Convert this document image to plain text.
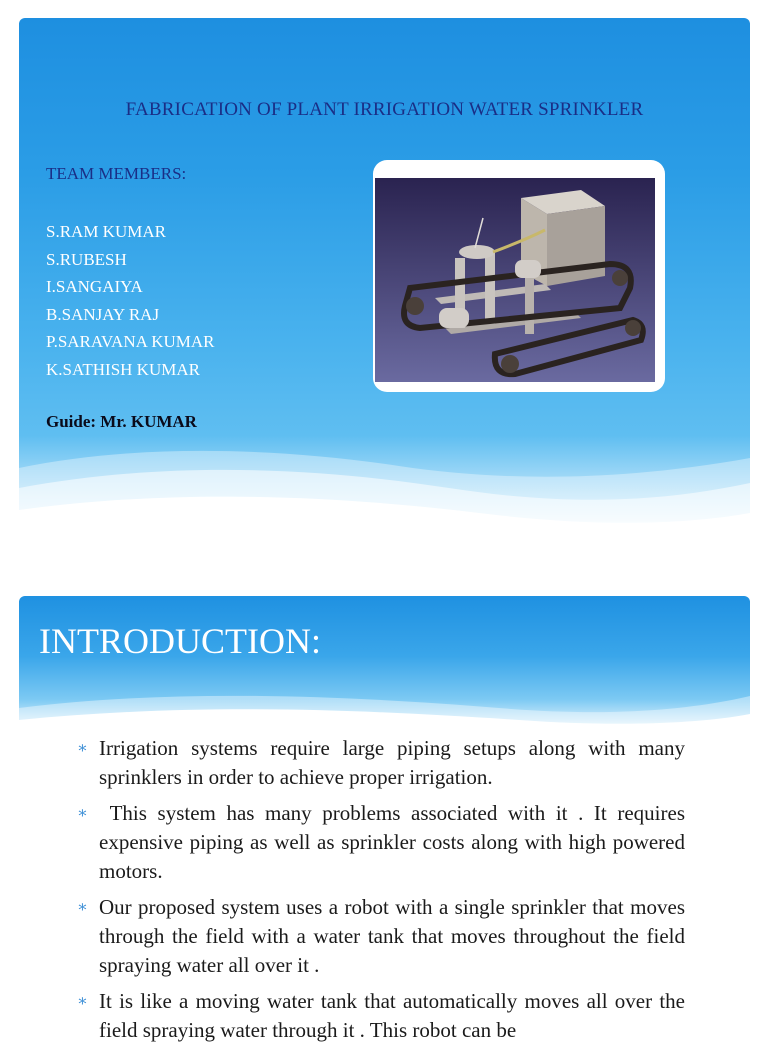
FABRICATION OF PLANT IRRIGATION WATER SPRINKLER
TEAM MEMBERS:
S.RAM KUMAR
S.RUBESH
I.SANGAIYA
B.SANJAY RAJ
P.SARAVANA KUMAR
K.SATHISH KUMAR
Guide: Mr. KUMAR
INTRODUCTION:
∗ Irrigation systems require large piping setups along with many sprinklers in order to achieve proper irrigation.
∗ This system has many problems associated with it . It requires expensive piping as well as sprinkler costs along with high powered motors.
∗ Our proposed system uses a robot with a single sprinkler that moves through the field with a water tank that moves throughout the field spraying water all over it .
∗ It is like a moving water tank that automatically moves all over the field spraying water through it . This robot can be
